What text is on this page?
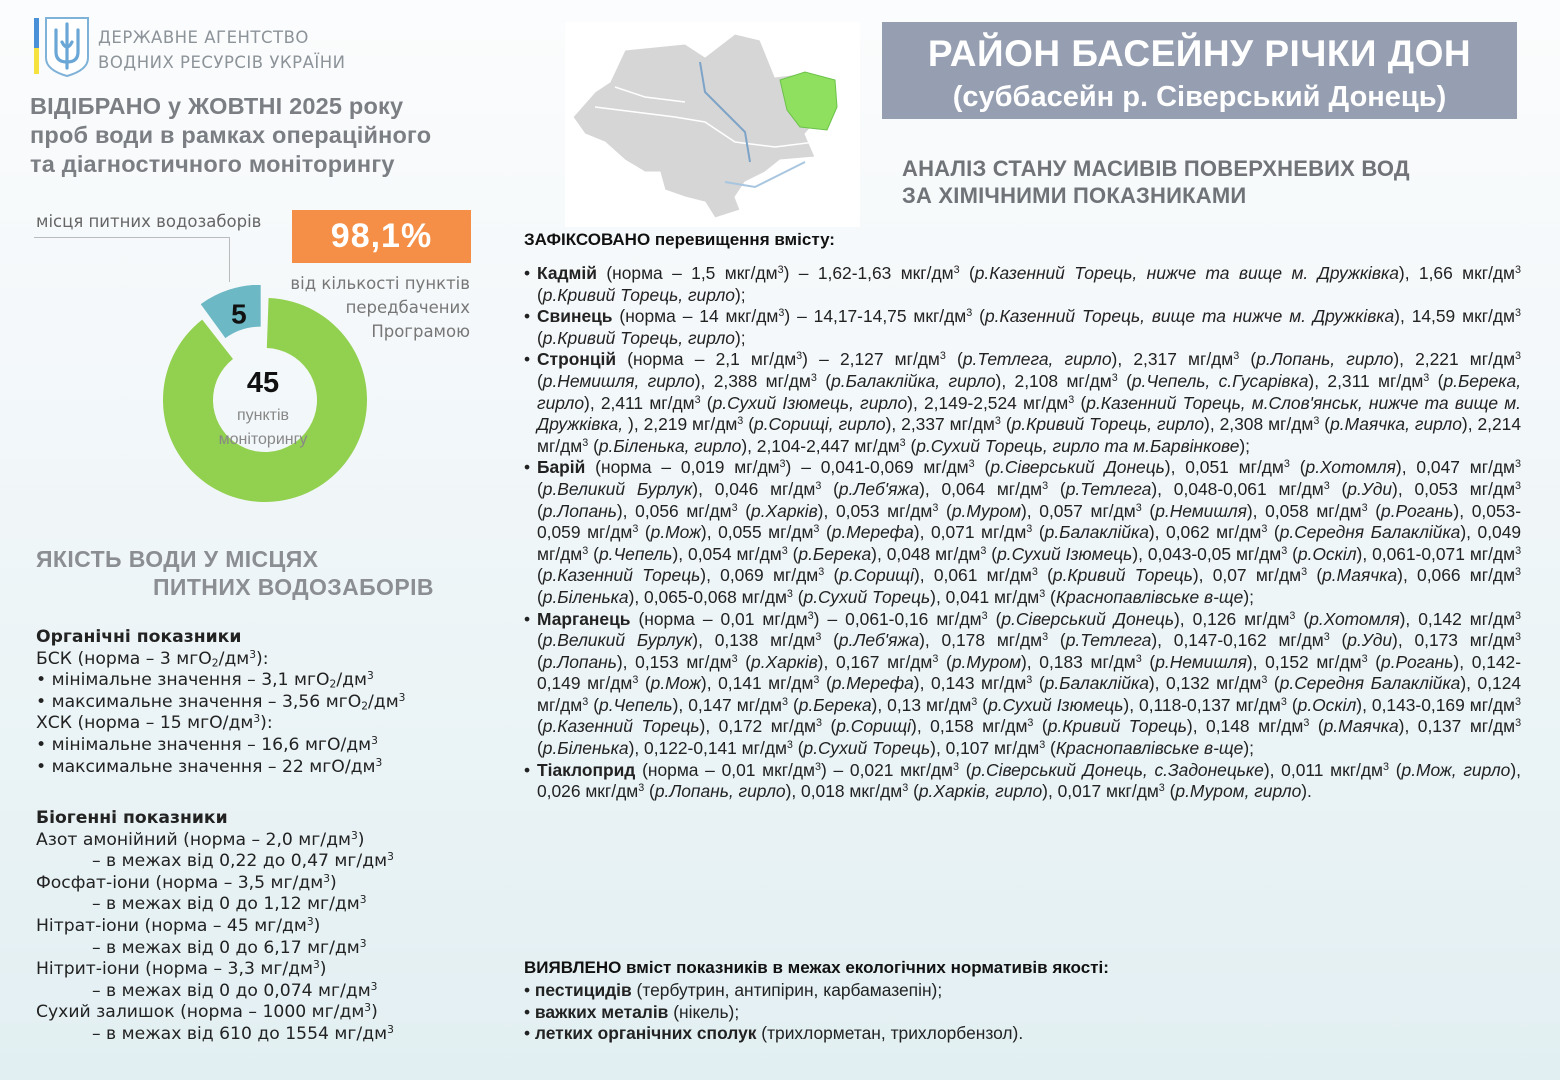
ДЕРЖАВНЕ АГЕНТСТВО
ВОДНИХ РЕСУРСІВ УКРАЇНИ
ВІДІБРАНО у ЖОВТНІ 2025 року
проб води в рамках операційного
та діагностичного моніторингу
місця питних водозаборів	98,1%
від кількості пунктів
передбачених
Програмою
5
45
пунктів
моніторингу
ЯКІСТЬ ВОДИ У МІСЦЯХ
ПИТНИХ ВОДОЗАБОРІВ
Органічні показники
БСК (норма – 3 $мгО_2/дм^3$):
• мінімальне значення – 3,1 $мгО_2/дм^3$
• максимальне значення – 3,56 $мгО_2/дм^3$
ХСК (норма – 15 мгО/$дм^3$):
• мінімальне значення – 16,6 мгО/$дм^3$
• максимальне значення – 22 мгО/$дм^3$
Біогенні показники
Азот амонійний (норма – 2,0 $мг/дм^3$)
– в межах від 0,22 до 0,47 $мг/дм^3$
Фосфат-іони (норма – 3,5 $мг/дм^3$)
– в межах від 0 до 1,12 $мг/дм^3$
Нітрат-іони (норма – 45 $мг/дм^3$)
– в межах від 0 до 6,17 $мг/дм^3$
Нітрит-іони (норма – 3,3 $мг/дм^3$)
– в межах від 0 до 0,074 $мг/дм^3$
Сухий залишок (норма – 1000 $мг/дм^3$)
– в межах від 610 до 1554 $мг/дм^3$
РАЙОН БАСЕЙНУ РІЧКИ ДОН
(суббасейн р. Сіверський Донець)
АНАЛІЗ СТАНУ МАСИВІВ ПОВЕРХНЕВИХ ВОД
ЗА ХІМІЧНИМИ ПОКАЗНИКАМИ
ЗАФІКСОВАНО перевищення вмісту:
• Кадмій (норма – 1,5 мкг/$дм^3) - 1,62-1,63$ мкг/$дм^3$ (р.Казенний Торець, нижче та вище м. Дружківка), 1,66 мкг/$дм^3$ (р.Кривий Торець, гирло);
• Свинець (норма – 14 мкг/$дм^3) - 14,17-14,75$ мкг/$дм^3$ (р.Казенний Торець, вище та нижче м. Дружківка), 14,59 мкг/$дм^3$ (р.Кривий Торець, гирло);
• Стронцій (норма – 2,1 $мг/дм^3) - 2,127$ $мг/дм^3$ (р.Тетлега, гирло), 2,317 $мг/дм^3$ (р.Лопань, гирло), 2,221 $мг/дм^3$ (р.Немишля, гирло), 2,388 $мг/дм^3$ (р.Балаклійка, гирло), 2,108 $мг/дм^3$ (р.Чепель, с.Гусарівка), 2,311 $мг/дм^3$ (р.Берека, гирло), 2,411 $мг/дм^3$ (р.Сухий Ізюмець, гирло), 2,149-2,524 $мг/дм^3$ (р.Казенний Торець, м.Слов'янськ, нижче та вище м. Дружківка, ), 2,219 $мг/дм^3$ (р.Сорищі, гирло), 2,337 $мг/дм^3$ (р.Кривий Торець, гирло), 2,308 $мг/дм^3$ (р.Маячка, гирло), 2,214 $мг/дм^3$ (р.Біленька, гирло), 2,104-2,447 $мг/дм^3$ (р.Сухий Торець, гирло та м.Барвінкове);
• Барій (норма – 0,019 $мг/дм^3) - 0,041-0,069$ $мг/дм^3$ (р.Сіверський Донець), 0,051 $мг/дм^3$ (р.Хотомля), 0,047 $мг/дм^3$ (р.Великий Бурлук), 0,046 $мг/дм^3$ (р.Леб'яжа), 0,064 $мг/дм^3$ (р.Тетлега), 0,048-0,061 $мг/дм^3$ (р.Уди), 0,053 $мг/дм^3$ (р.Лопань), 0,056 $мг/дм^3$ (р.Харків), 0,053 $мг/дм^3$ (р.Муром), 0,057 $мг/дм^3$ (р.Немишля), 0,058 $мг/дм^3$ (р.Рогань), 0,053-0,059 $мг/дм^3$ (р.Мож), 0,055 $мг/дм^3$ (р.Мерефа), 0,071 $мг/дм^3$ (р.Балаклійка), 0,062 $мг/дм^3$ (р.Середня Балаклійка), 0,049 $мг/дм^3$ (р.Чепель), 0,054 $мг/дм^3$ (р.Берека), 0,048 $мг/дм^3$ (р.Сухий Ізюмець), 0,043-0,05 $мг/дм^3$ (р.Оскіл), 0,061-0,071 $мг/дм^3$ (р.Казенний Торець), 0,069 $мг/дм^3$ (р.Сорищі), 0,061 $мг/дм^3$ (р.Кривий Торець), 0,07 $мг/дм^3$ (р.Маячка), 0,066 $мг/дм^3$ (р.Біленька), 0,065-0,068 $мг/дм^3$ (р.Сухий Торець), 0,041 $мг/дм^3$ (Краснопавлівське в-ще);
• Марганець (норма – 0,01 $мг/дм^3) - 0,061-0,16$ $мг/дм^3$ (р.Сіверський Донець), 0,126 $мг/дм^3$ (р.Хотомля), 0,142 $мг/дм^3$ (р.Великий Бурлук), 0,138 $мг/дм^3$ (р.Леб'яжа), 0,178 $мг/дм^3$ (р.Тетлега), 0,147-0,162 $мг/дм^3$ (р.Уди), 0,173 $мг/дм^3$ (р.Лопань), 0,153 $мг/дм^3$ (р.Харків), 0,167 $мг/дм^3$ (р.Муром), 0,183 $мг/дм^3$ (р.Немишля), 0,152 $мг/дм^3$ (р.Рогань), 0,142-0,149 $мг/дм^3$ (р.Мож), 0,141 $мг/дм^3$ (р.Мерефа), 0,143 $мг/дм^3$ (р.Балаклійка), 0,132 $мг/дм^3$ (р.Середня Балаклійка), 0,124 $мг/дм^3$ (р.Чепель), 0,147 $мг/дм^3$ (р.Берека), 0,13 $мг/дм^3$ (р.Сухий Ізюмець), 0,118-0,137 $мг/дм^3$ (р.Оскіл), 0,143-0,169 $мг/дм^3$ (р.Казенний Торець), 0,172 $мг/дм^3$ (р.Сорищі), 0,158 $мг/дм^3$ (р.Кривий Торець), 0,148 $мг/дм^3$ (р.Маячка), 0,137 $мг/дм^3$ (р.Біленька), 0,122-0,141 $мг/дм^3$ (р.Сухий Торець), 0,107 $мг/дм^3$ (Краснопавлівське в-ще);
• Тіаклоприд (норма – 0,01 мкг/$дм^3) - 0,021$ мкг/$дм^3$ (р.Сіверський Донець, с.Задонецьке), 0,011 мкг/$дм^3$ (р.Мож, гирло), 0,026 мкг/$дм^3$ (р.Лопань, гирло), 0,018 мкг/$дм^3$ (р.Харків, гирло), 0,017 мкг/$дм^3$ (р.Муром, гирло).
ВИЯВЛЕНО вміст показників в межах екологічних нормативів якості:
• пестицидів (тербутрин, антипірин, карбамазепін);
• важких металів (нікель);
• летких органічних сполук (трихлорметан, трихлорбензол).
